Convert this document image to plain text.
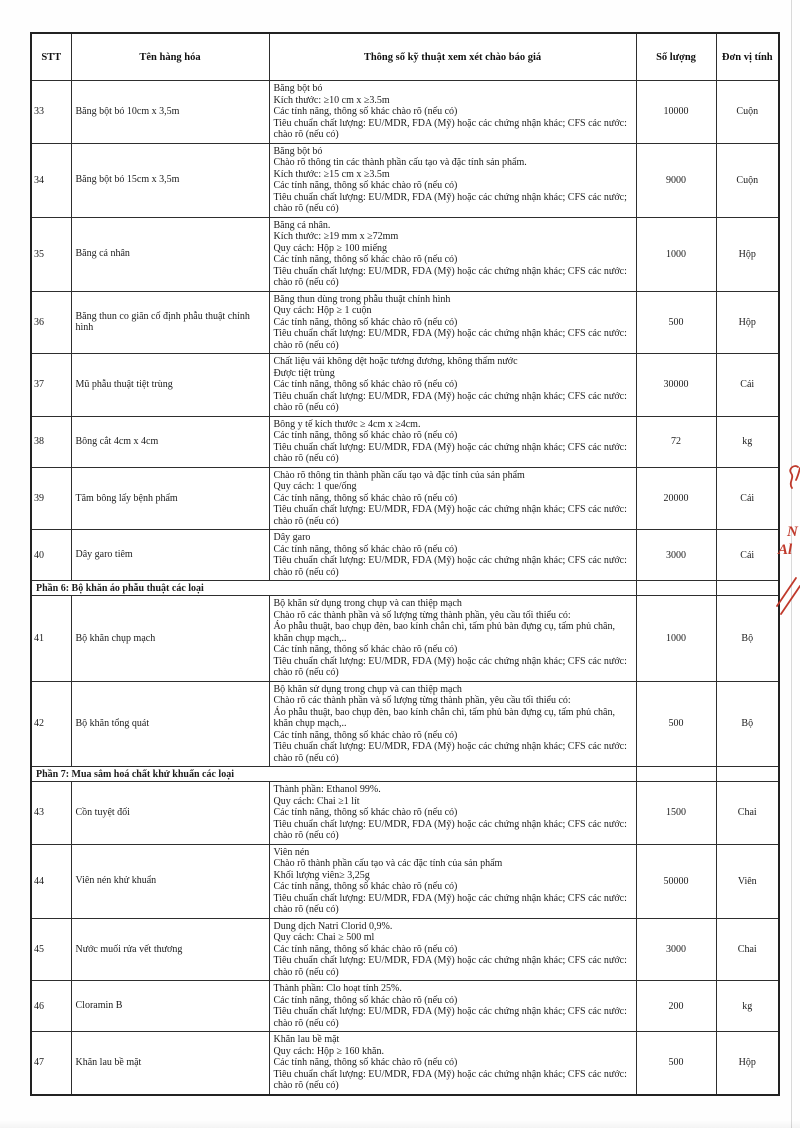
STT	Tên hàng hóa	Thông số kỹ thuật xem xét chào báo giá	Số lượng	Đơn vị tính
33	Băng bột bó 10cm x 3,5m	Băng bột bó
Kích thước: ≥10 cm x ≥3.5m
Các tính năng, thông số khác chào rõ (nếu có)
Tiêu chuẩn chất lượng: EU/MDR, FDA (Mỹ) hoặc các chứng nhận khác; CFS các nước: chào rõ (nếu có)	10000	Cuộn
34	Băng bột bó 15cm x 3,5m	Băng bột bó
Chào rõ thông tin các thành phần cấu tạo và đặc tính sản phẩm.
Kích thước: ≥15 cm x ≥3.5m
Các tính năng, thông số khác chào rõ (nếu có)
Tiêu chuẩn chất lượng: EU/MDR, FDA (Mỹ) hoặc các chứng nhận khác; CFS các nước; chào rõ (nếu có)	9000	Cuộn
35	Băng cá nhân	Băng cá nhân.
Kích thước: ≥19 mm x ≥72mm
Quy cách: Hộp ≥ 100 miếng
Các tính năng, thông số khác chào rõ (nếu có)
Tiêu chuẩn chất lượng: EU/MDR, FDA (Mỹ) hoặc các chứng nhận khác; CFS các nước: chào rõ (nếu có)	1000	Hộp
36	Băng thun co giãn cố định phẫu thuật chỉnh hình	Băng thun dùng trong phẫu thuật chỉnh hình
Quy cách: Hộp ≥ 1 cuộn
Các tính năng, thông số khác chào rõ (nếu có)
Tiêu chuẩn chất lượng: EU/MDR, FDA (Mỹ) hoặc các chứng nhận khác; CFS các nước: chào rõ (nếu có)	500	Hộp
37	Mũ phẫu thuật tiệt trùng	Chất liệu vải không dệt hoặc tương đương, không thấm nước
Được tiệt trùng
Các tính năng, thông số khác chào rõ (nếu có)
Tiêu chuẩn chất lượng: EU/MDR, FDA (Mỹ) hoặc các chứng nhận khác; CFS các nước: chào rõ (nếu có)	30000	Cái
38	Bông cắt 4cm x 4cm	Bông y tế kích thước ≥ 4cm x ≥4cm.
Các tính năng, thông số khác chào rõ (nếu có)
Tiêu chuẩn chất lượng: EU/MDR, FDA (Mỹ) hoặc các chứng nhận khác; CFS các nước: chào rõ (nếu có)	72	kg
39	Tăm bông lấy bệnh phẩm	Chào rõ thông tin thành phần cấu tạo và đặc tính của sản phẩm
Quy cách: 1 que/ống
Các tính năng, thông số khác chào rõ (nếu có)
Tiêu chuẩn chất lượng: EU/MDR, FDA (Mỹ) hoặc các chứng nhận khác; CFS các nước: chào rõ (nếu có)	20000	Cái
40	Dây garo tiêm	Dây garo
Các tính năng, thông số khác chào rõ (nếu có)
Tiêu chuẩn chất lượng: EU/MDR, FDA (Mỹ) hoặc các chứng nhận khác; CFS các nước: chào rõ (nếu có)	3000	Cái
Phần 6: Bộ khăn áo phẫu thuật các loại				
41	Bộ khăn chụp mạch	Bộ khăn sử dụng trong chụp và can thiệp mạch
Chào rõ các thành phần và số lượng từng thành phần, yêu cầu tối thiểu có:
Áo phẫu thuật, bao chụp đèn, bao kính chắn chì, tấm phủ bàn đựng cụ, tấm phủ chân, khăn chụp mạch,..
Các tính năng, thông số khác chào rõ (nếu có)
Tiêu chuẩn chất lượng: EU/MDR, FDA (Mỹ) hoặc các chứng nhận khác; CFS các nước: chào rõ (nếu có)	1000	Bộ
42	Bộ khăn tổng quát	Bộ khăn sử dụng trong chụp và can thiệp mạch
Chào rõ các thành phần và số lượng từng thành phần, yêu cầu tối thiểu có:
Áo phẫu thuật, bao chụp đèn, bao kính chắn chì, tấm phủ bàn đựng cụ, tấm phủ chân, khăn chụp mạch,..
Các tính năng, thông số khác chào rõ (nếu có)
Tiêu chuẩn chất lượng: EU/MDR, FDA (Mỹ) hoặc các chứng nhận khác; CFS các nước: chào rõ (nếu có)	500	Bộ
Phần 7: Mua sắm hoá chất khử khuẩn các loại				
43	Cồn tuyệt đối	Thành phần: Ethanol 99%.
Quy cách: Chai ≥1 lít
Các tính năng, thông số khác chào rõ (nếu có)
Tiêu chuẩn chất lượng: EU/MDR, FDA (Mỹ) hoặc các chứng nhận khác; CFS các nước: chào rõ (nếu có)	1500	Chai
44	Viên nén khử khuẩn	Viên nén
Chào rõ thành phần cấu tạo và các đặc tính của sản phẩm
Khối lượng viên≥ 3,25g
Các tính năng, thông số khác chào rõ (nếu có)
Tiêu chuẩn chất lượng: EU/MDR, FDA (Mỹ) hoặc các chứng nhận khác; CFS các nước: chào rõ (nếu có)	50000	Viên
45	Nước muối rửa vết thương	Dung dịch Natri Clorid 0,9%.
Quy cách: Chai ≥ 500 ml
Các tính năng, thông số khác chào rõ (nếu có)
Tiêu chuẩn chất lượng: EU/MDR, FDA (Mỹ) hoặc các chứng nhận khác; CFS các nước: chào rõ (nếu có)	3000	Chai
46	Cloramin B	Thành phần: Clo hoạt tính 25%.
Các tính năng, thông số khác chào rõ (nếu có)
Tiêu chuẩn chất lượng: EU/MDR, FDA (Mỹ) hoặc các chứng nhận khác; CFS các nước: chào rõ (nếu có)	200	kg
47	Khăn lau bề mặt	Khăn lau bề mặt
Quy cách: Hộp ≥ 160 khăn.
Các tính năng, thông số khác chào rõ (nếu có)
Tiêu chuẩn chất lượng: EU/MDR, FDA (Mỹ) hoặc các chứng nhận khác; CFS các nước: chào rõ (nếu có)	500	Hộp
N
Al
